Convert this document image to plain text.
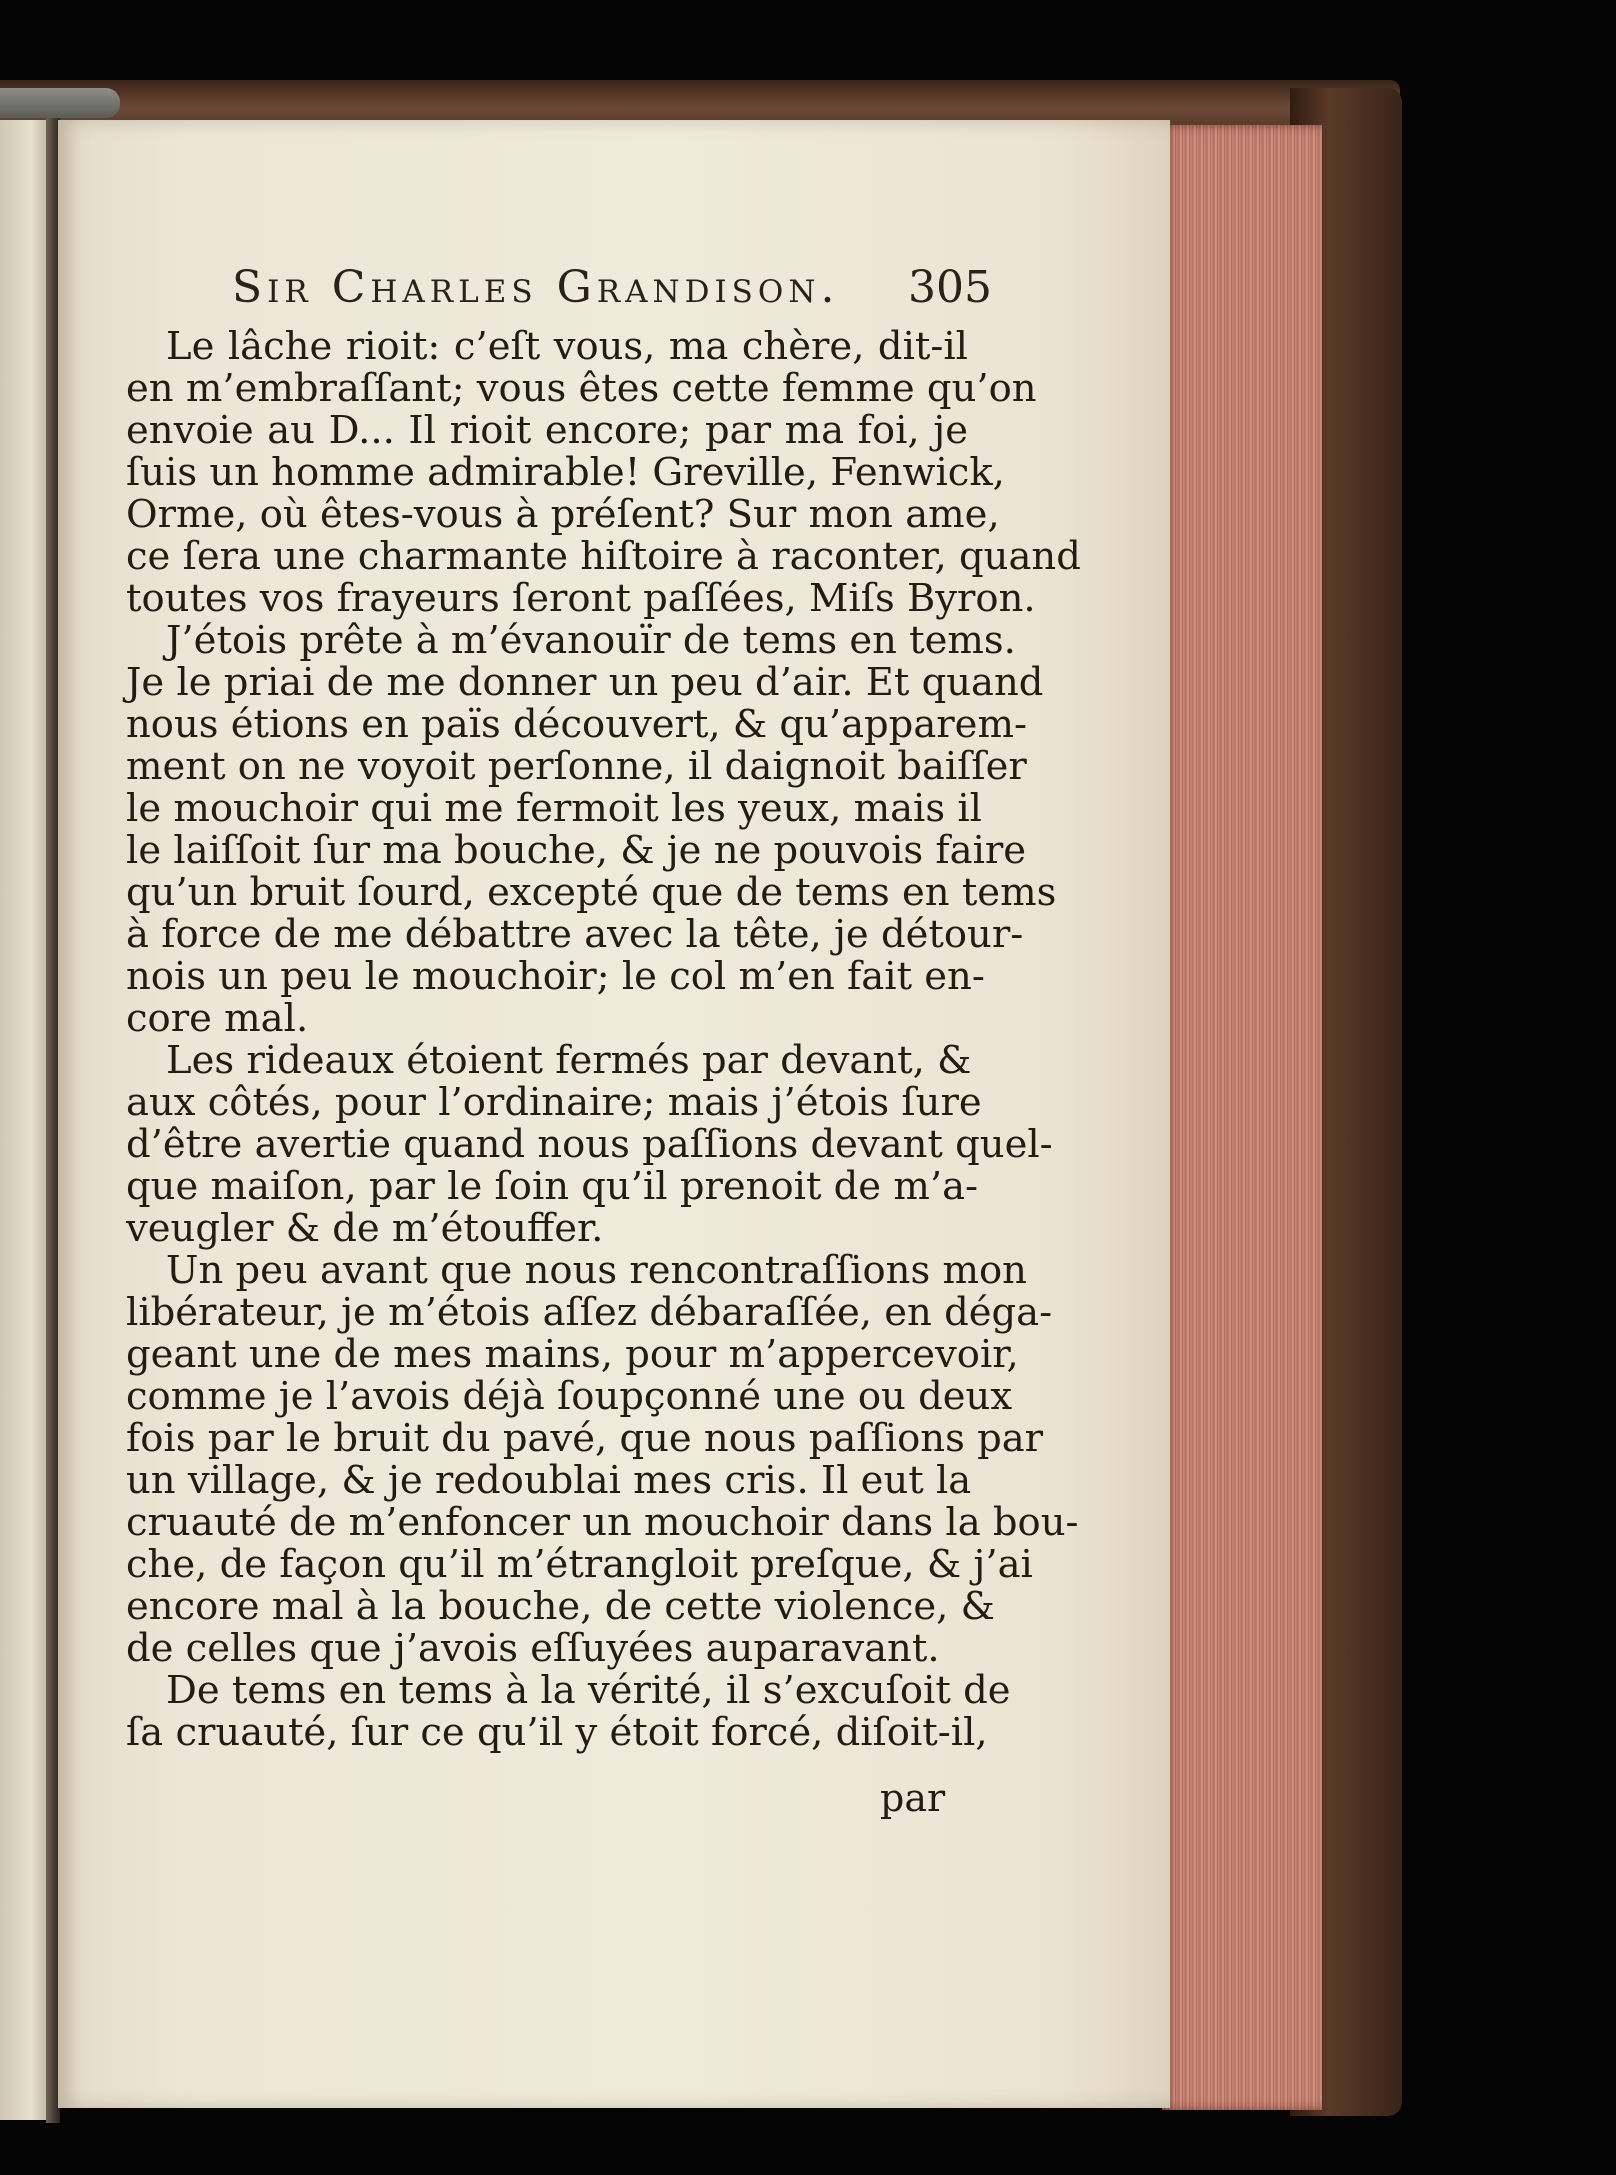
Sir Charles Grandison. 305
Le lâche rioit: c’eſt vous, ma chère, dit-il
en m’embraſſant; vous êtes cette femme qu’on
envoie au D... Il rioit encore; par ma foi, je
ſuis un homme admirable! Greville, Fenwick,
Orme, où êtes-vous à préſent? Sur mon ame,
ce ſera une charmante hiſtoire à raconter, quand
toutes vos frayeurs ſeront paſſées, Miſs Byron.
J’étois prête à m’évanouïr de tems en tems.
Je le priai de me donner un peu d’air. Et quand
nous étions en païs découvert, & qu’apparem-
ment on ne voyoit perſonne, il daignoit baiſſer
le mouchoir qui me fermoit les yeux, mais il
le laiſſoit ſur ma bouche, & je ne pouvois faire
qu’un bruit ſourd, excepté que de tems en tems
à force de me débattre avec la tête, je détour-
nois un peu le mouchoir; le col m’en fait en-
core mal.
Les rideaux étoient fermés par devant, &
aux côtés, pour l’ordinaire; mais j’étois ſure
d’être avertie quand nous paſſions devant quel-
que maiſon, par le ſoin qu’il prenoit de m’a-
veugler & de m’étouffer.
Un peu avant que nous rencontraſſions mon
libérateur, je m’étois aſſez débaraſſée, en déga-
geant une de mes mains, pour m’appercevoir,
comme je l’avois déjà ſoupçonné une ou deux
fois par le bruit du pavé, que nous paſſions par
un village, & je redoublai mes cris. Il eut la
cruauté de m’enfoncer un mouchoir dans la bou-
che, de façon qu’il m’étrangloit preſque, & j’ai
encore mal à la bouche, de cette violence, &
de celles que j’avois eſſuyées auparavant.
De tems en tems à la vérité, il s’excuſoit de
ſa cruauté, ſur ce qu’il y étoit forcé, diſoit-il,
par
